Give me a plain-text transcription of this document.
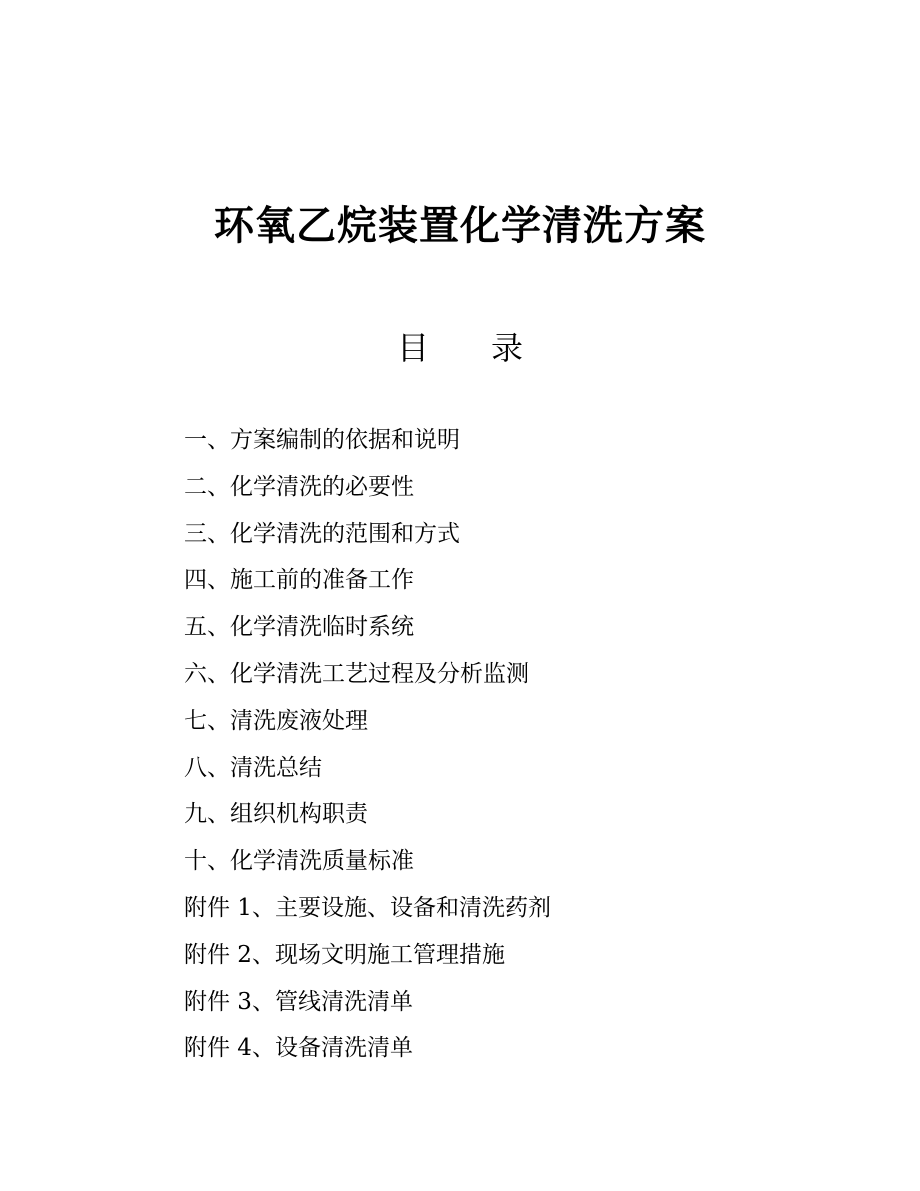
环氧乙烷装置化学清洗方案
目 录
一、方案编制的依据和说明
二、化学清洗的必要性
三、化学清洗的范围和方式
四、施工前的准备工作
五、化学清洗临时系统
六、化学清洗工艺过程及分析监测
七、清洗废液处理
八、清洗总结
九、组织机构职责
十、化学清洗质量标准
附件 1、主要设施、设备和清洗药剂
附件 2、现场文明施工管理措施
附件 3、管线清洗清单
附件 4、设备清洗清单
